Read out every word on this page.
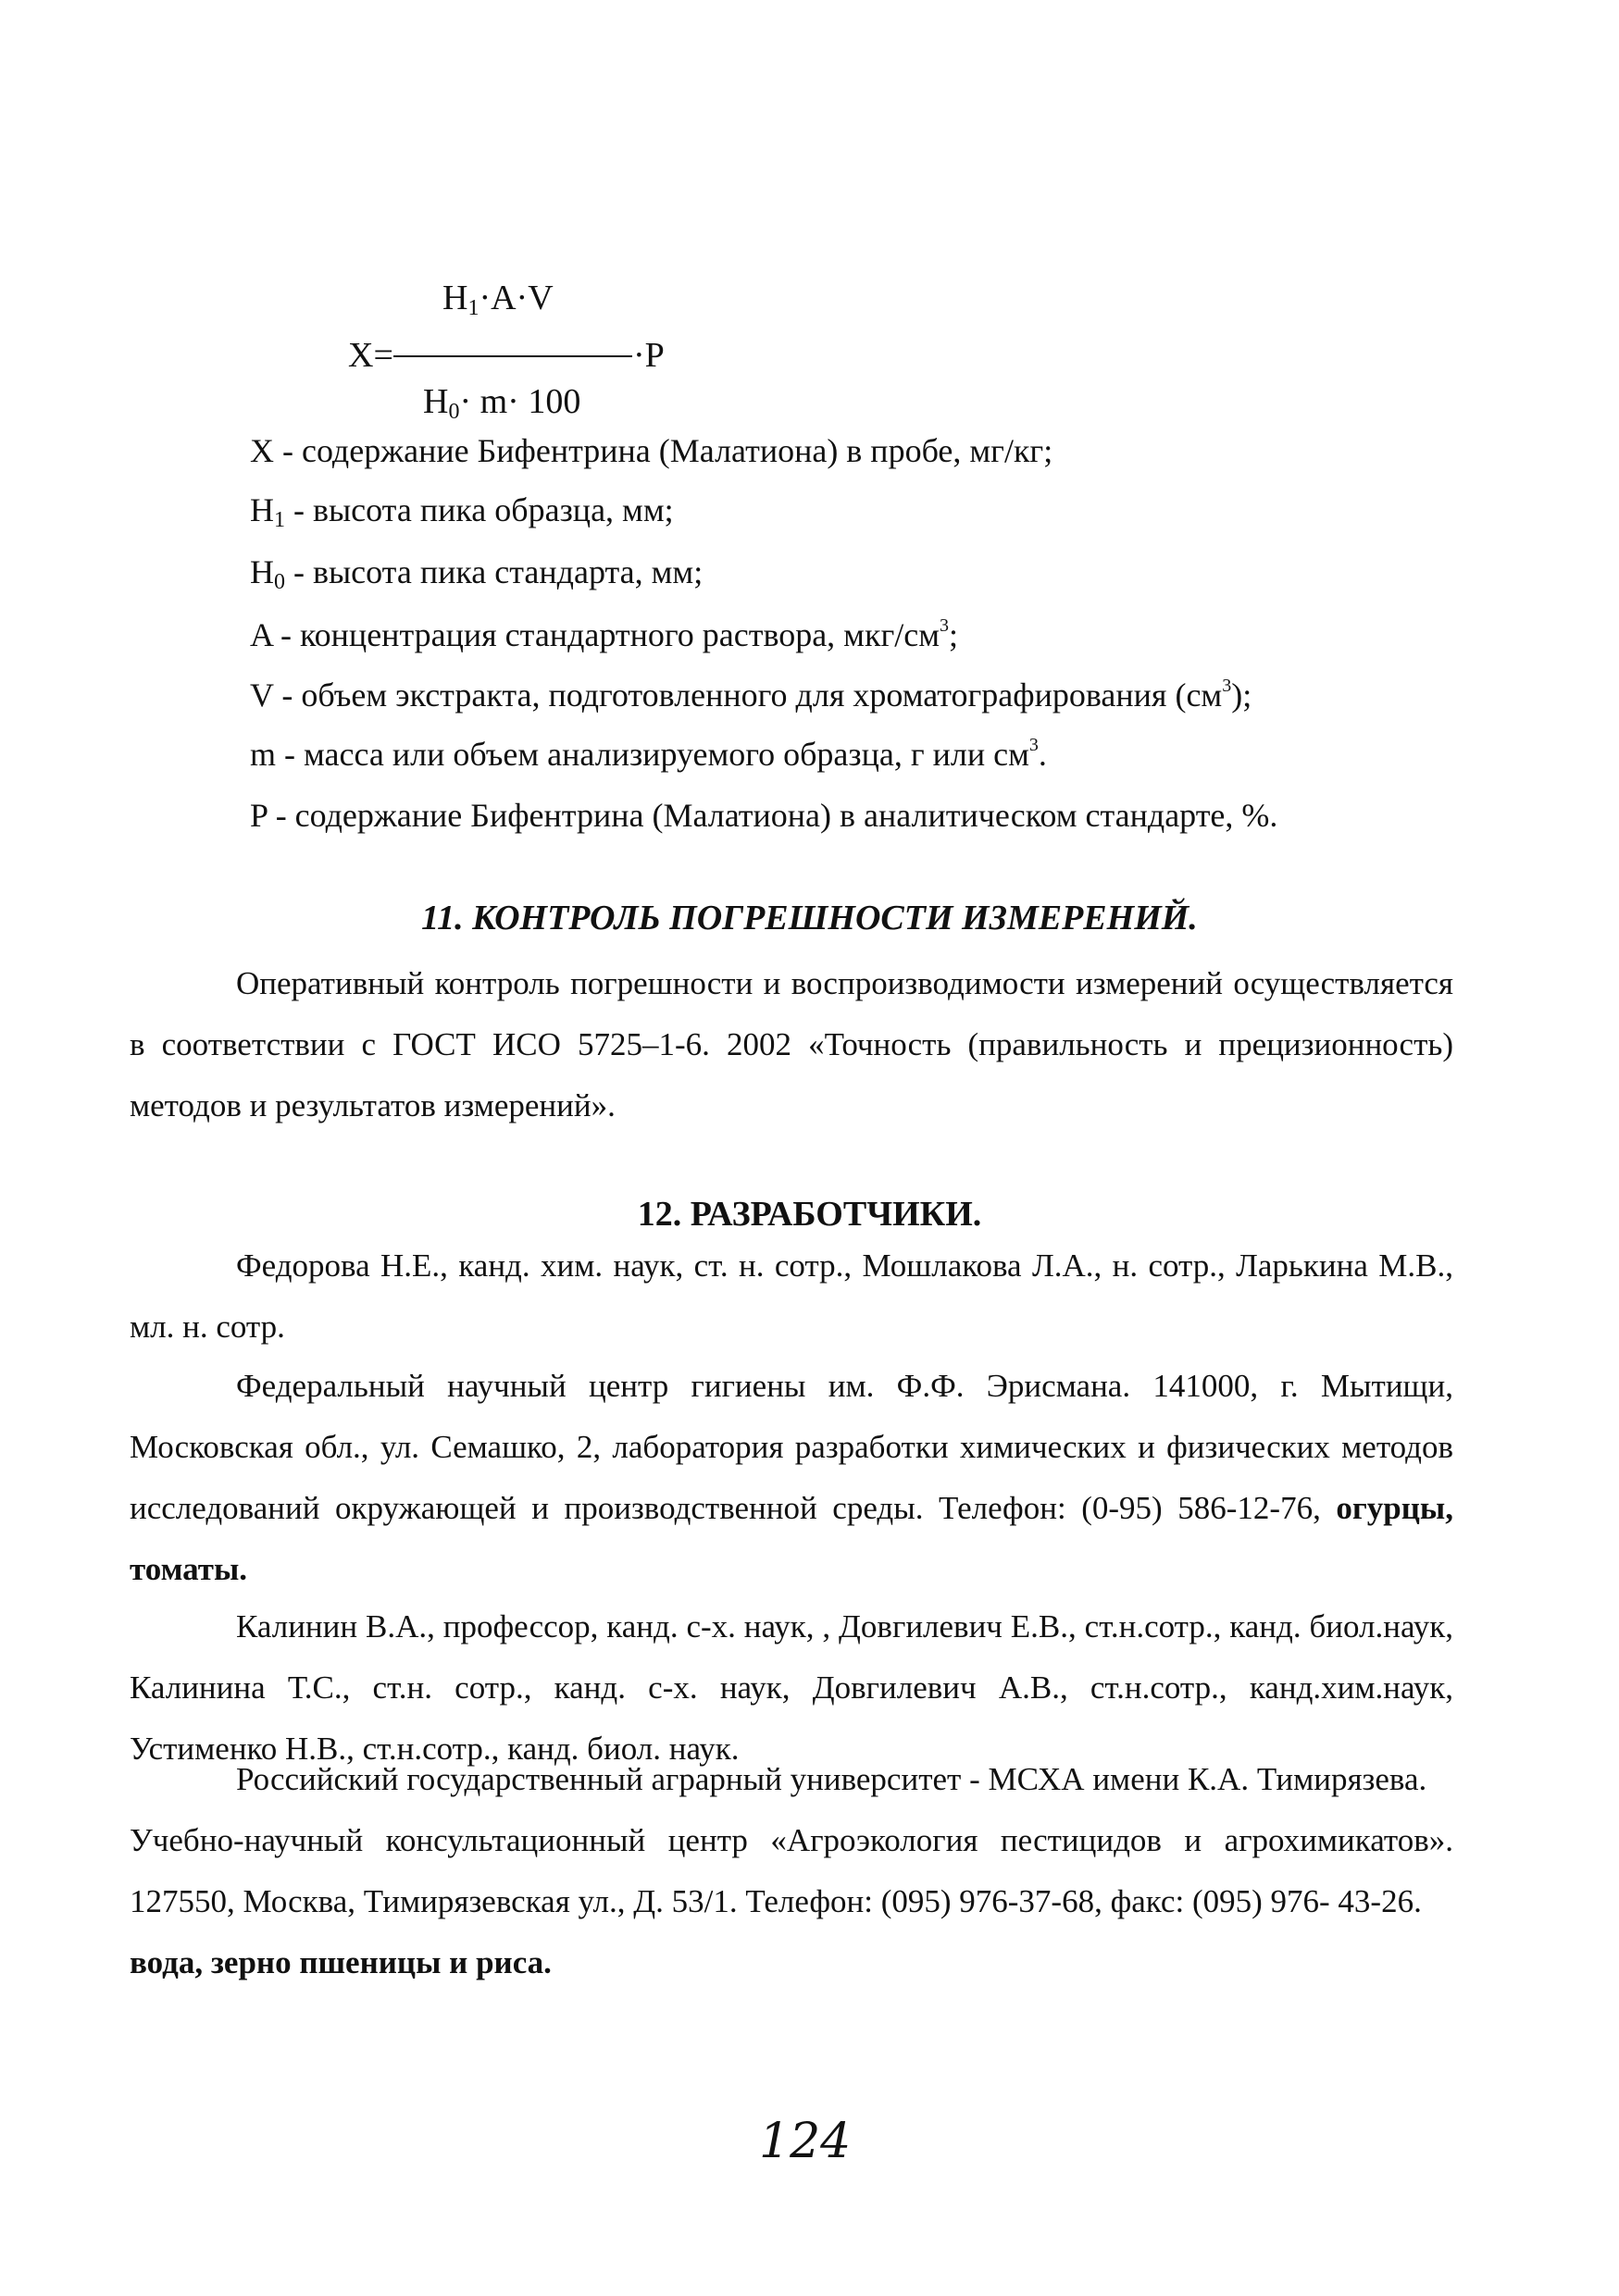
$H_1\cdot A\cdot V$
X=	·P
$H_0\cdot m\cdot 100$
X - содержание Бифентрина (Малатиона) в пробе, мг/кг;
$H_1$ - высота пика образца, мм;
$H_0$ - высота пика стандарта, мм;
A - концентрация стандартного раствора, мкг/$см^3$;
V - объем экстракта, подготовленного для хроматографирования $(см^3)$;
m - масса или объем анализируемого образца, г или $см^3$.
P - содержание Бифентрина (Малатиона) в аналитическом стандарте, %.
11. КОНТРОЛЬ ПОГРЕШНОСТИ ИЗМЕРЕНИЙ.
Оперативный контроль погрешности и воспроизводимости измерений осуществляется в соответствии с ГОСТ ИСО 5725–1-6. 2002 «Точность (правильность и прецизионность) методов и результатов измерений».
12. РАЗРАБОТЧИКИ.
Федорова Н.Е., канд. хим. наук, ст. н. сотр., Мошлакова Л.А., н. сотр., Ларькина М.В., мл. н. сотр.
Федеральный научный центр гигиены им. Ф.Ф. Эрисмана. 141000, г. Мытищи, Московская обл., ул. Семашко, 2, лаборатория разработки химических и физических методов исследований окружающей и производственной среды. Телефон: (0-95) 586-12-76, огурцы, томаты.
Калинин В.А., профессор, канд. с-х. наук, , Довгилевич Е.В., ст.н.сотр., канд. биол.наук, Калинина Т.С., ст.н. сотр., канд. с-х. наук, Довгилевич А.В., ст.н.сотр., канд.хим.наук, Устименко Н.В., ст.н.сотр., канд. биол. наук.
Российский государственный аграрный университет - МСХА имени К.А. Тимирязева.
Учебно-научный консультационный центр «Агроэкология пестицидов и агрохимикатов». 127550, Москва, Тимирязевская ул., Д. 53/1. Телефон: (095) 976-37-68, факс: (095) 976- 43-26.
вода, зерно пшеницы и риса.
124
